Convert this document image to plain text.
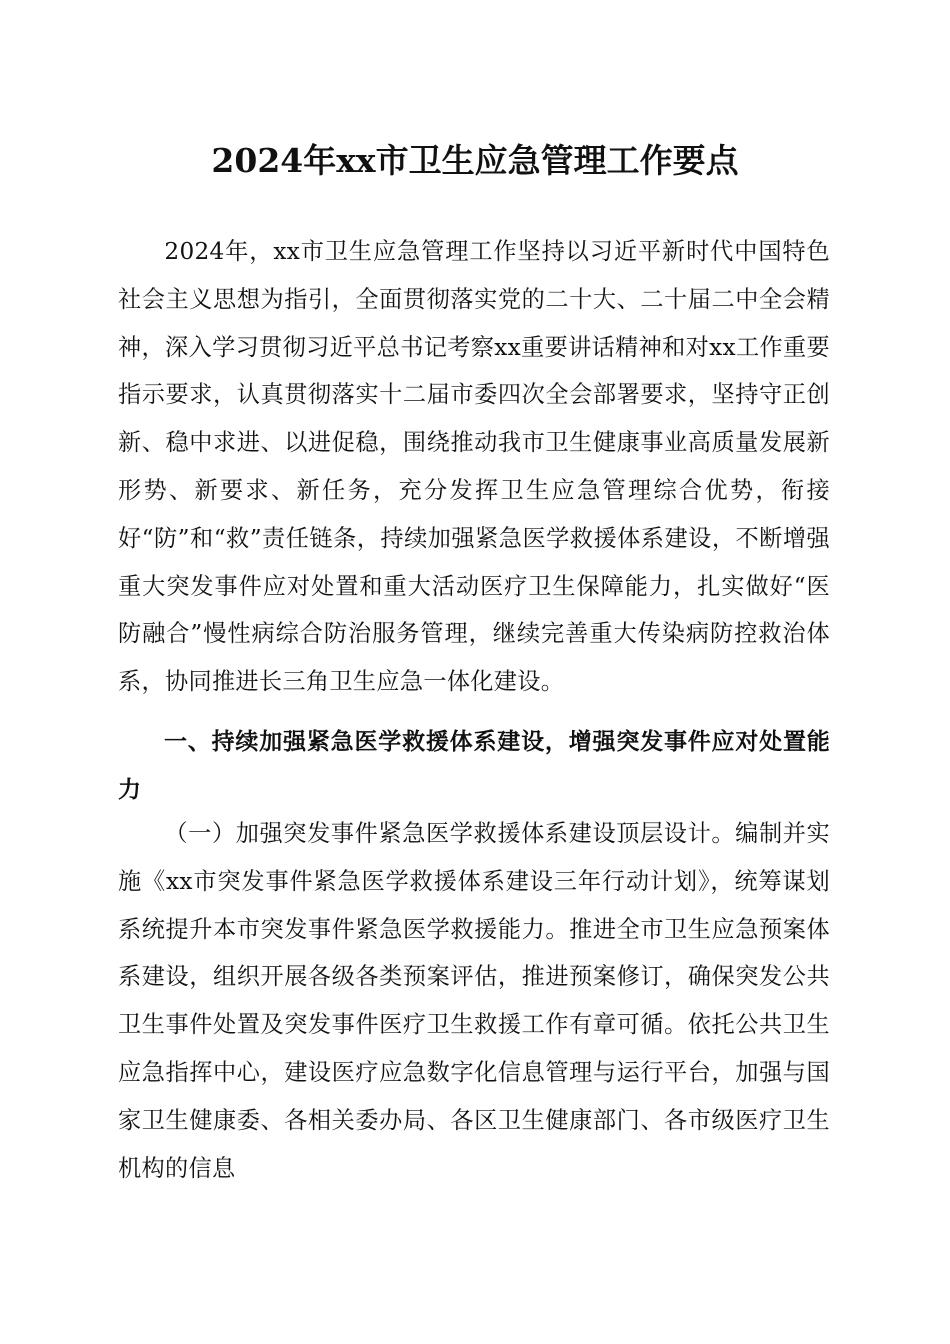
2024年xx市卫生应急管理工作要点

2024年，xx市卫生应急管理工作坚持以习近平新时代中国特色社会主义思想为指引，全面贯彻落实党的二十大、二十届二中全会精神，深入学习贯彻习近平总书记考察xx重要讲话精神和对xx工作重要指示要求，认真贯彻落实十二届市委四次全会部署要求，坚持守正创新、稳中求进、以进促稳，围绕推动我市卫生健康事业高质量发展新形势、新要求、新任务，充分发挥卫生应急管理综合优势，衔接好“防”和“救”责任链条，持续加强紧急医学救援体系建设，不断增强重大突发事件应对处置和重大活动医疗卫生保障能力，扎实做好“医防融合”慢性病综合防治服务管理，继续完善重大传染病防控救治体系，协同推进长三角卫生应急一体化建设。

一、持续加强紧急医学救援体系建设，增强突发事件应对处置能力

（一）加强突发事件紧急医学救援体系建设顶层设计。编制并实施《xx市突发事件紧急医学救援体系建设三年行动计划》，统筹谋划系统提升本市突发事件紧急医学救援能力。推进全市卫生应急预案体系建设，组织开展各级各类预案评估，推进预案修订，确保突发公共卫生事件处置及突发事件医疗卫生救援工作有章可循。依托公共卫生应急指挥中心，建设医疗应急数字化信息管理与运行平台，加强与国家卫生健康委、各相关委办局、各区卫生健康部门、各市级医疗卫生机构的信息
